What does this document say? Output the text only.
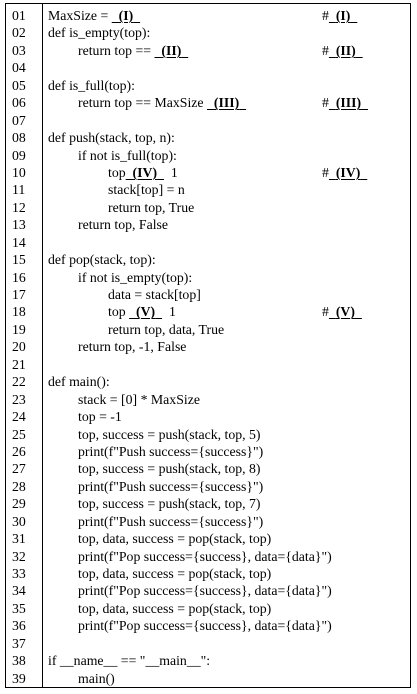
01	MaxSize =   (I)	# (I)
02	def is_empty(top):
03	return top ==   (II)	# (II)
04
05	def is_full(top):
06	return top == MaxSize   (III)	# (III)
07
08	def push(stack, top, n):
09	if not is_full(top):
10	top (IV)    1	# (IV)
11	stack[top] = n
12	return top, True
13	return top, False
14
15	def pop(stack, top):
16	if not is_empty(top):
17	data = stack[top]
18	top   (V)    1	# (V)
19	return top, data, True
20	return top, -1, False
21
22	def main():
23	stack = [0] * MaxSize
24	top = -1
25	top, success = push(stack, top, 5)
26	print(f"Push success={success}")
27	top, success = push(stack, top, 8)
28	print(f"Push success={success}")
29	top, success = push(stack, top, 7)
30	print(f"Push success={success}")
31	top, data, success = pop(stack, top)
32	print(f"Pop success={success}, data={data}")
33	top, data, success = pop(stack, top)
34	print(f"Pop success={success}, data={data}")
35	top, data, success = pop(stack, top)
36	print(f"Pop success={success}, data={data}")
37
38	if __name__ == "__main__":
39	main()
